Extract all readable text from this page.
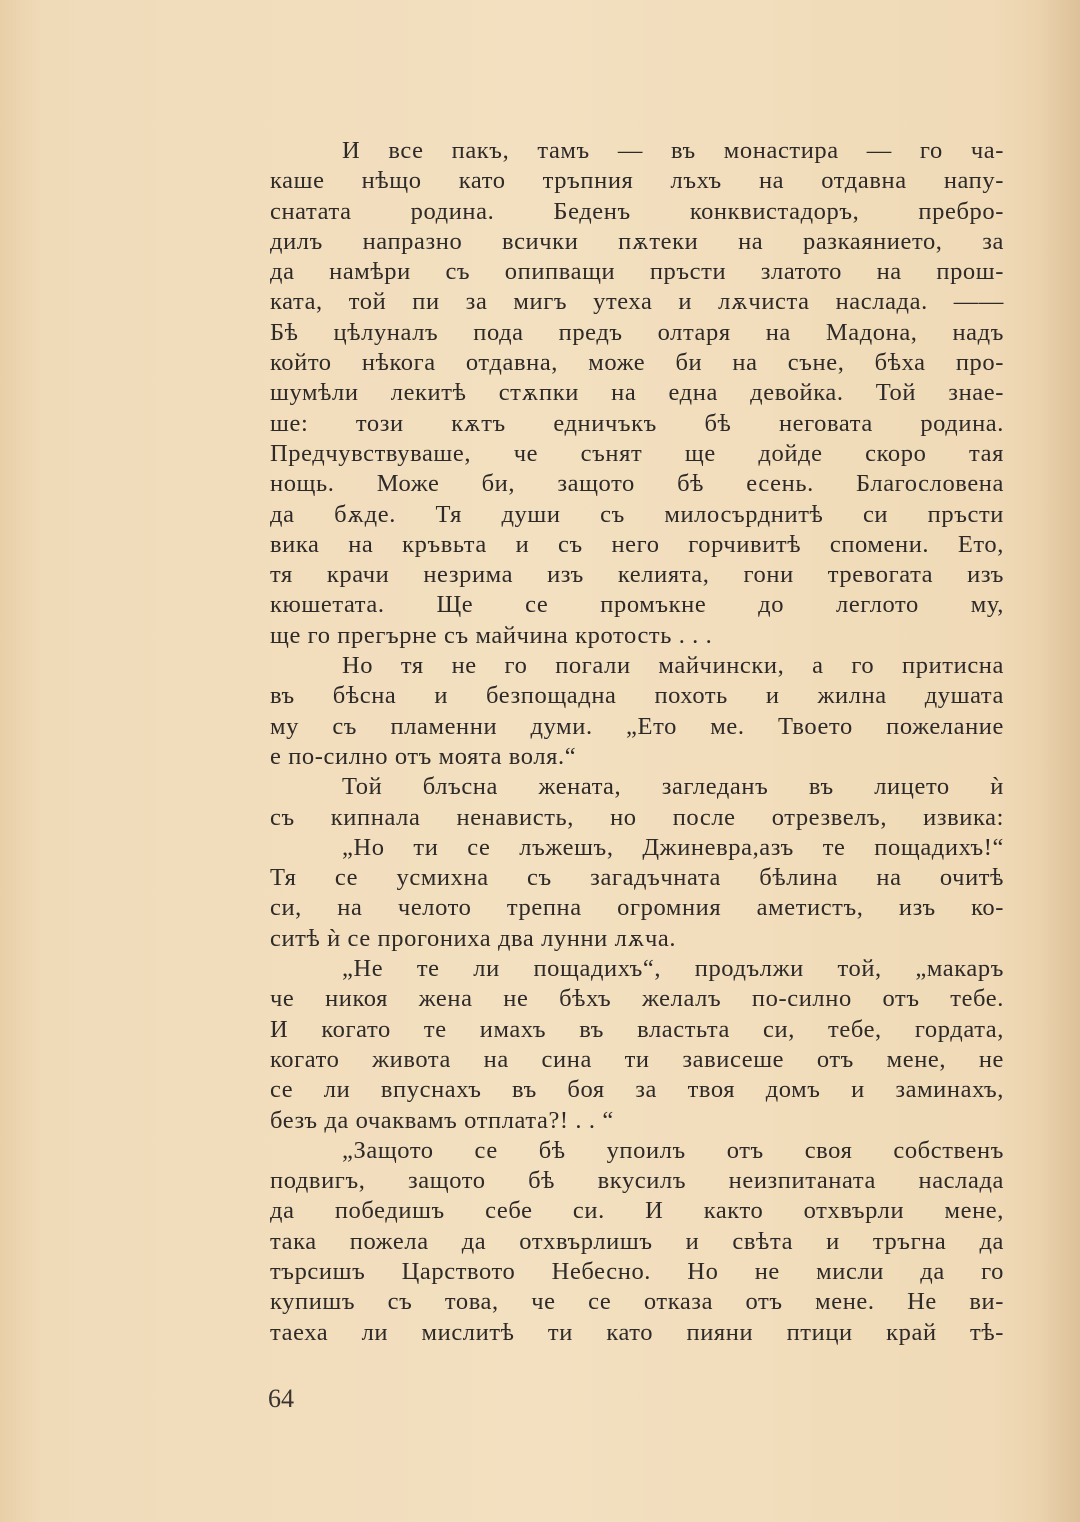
И все пакъ, тамъ — въ монастира — го ча-
каше нѣщо като тръпния лъхъ на отдавна напу-
снатата родина. Беденъ конквистадоръ, пребро-
дилъ напразно всички пѫтеки на разкаянието, за
да намѣри съ опипващи пръсти златото на прош-
ката, той пи за мигъ утеха и лѫчиста наслада. ——
Бѣ цѣлуналъ пода предъ олтаря на Мадона, надъ
който нѣкога отдавна, може би на сънe, бѣха про-
шумѣли лекитѣ стѫпки на една девойка. Той знае-
ше: този кѫтъ едничъкъ бѣ неговата родина.
Предчувствуваше, че сънят ще дойде скоро тая
нощь. Може би, защото бѣ есень. Благословена
да бѫде. Тя души съ милосърднитѣ си пръсти
вика на кръвьта и съ него горчивитѣ спомени. Ето,
тя крачи незрима изъ келията, гони тревогата изъ
кюшетата. Ще се промъкне до леглото му,
ще го прегърне съ майчина кротость . . .
Но тя не го погали майчински, а го притисна
въ бѣсна и безпощадна похоть и жилна душата
му съ пламенни думи. „Ето ме. Твоето пожелание
е по-силно отъ моята воля.“
Той блъсна женатa, загледанъ въ лицето ѝ
съ кипнала ненависть, но после отрезвелъ, извика:
„Но ти се лъжешъ, Джиневра,азъ те пощадихъ!“
Тя се усмихна съ загадъчната бѣлина на очитѣ
си, на челото трепна огромния аметистъ, изъ ко-
ситѣ ѝ се прогониха два лунни лѫча.
„Не те ли пощадихъ“, продължи той, „макаръ
че никоя жена не бѣхъ желалъ по-силно отъ тебе.
И когато те имахъ въ властьта си, тебе, гордата,
когато живота на сина ти зависеше отъ мене, не
се ли впуснахъ въ боя за твоя домъ и заминахъ,
безъ да очаквамъ отплата?! . . “
„Защото се бѣ упоилъ отъ своя собственъ
подвигъ, защото бѣ вкусилъ неизпитаната наслада
да победишъ себе си. И както отхвърли мене,
така пожела да отхвърлишъ и свѣта и тръгна да
търсишъ Царството Небесно. Но не мисли да го
купишъ съ това, че се отказа отъ мене. Не ви-
таеха ли мислитѣ ти като пияни птици край тѣ-
64
